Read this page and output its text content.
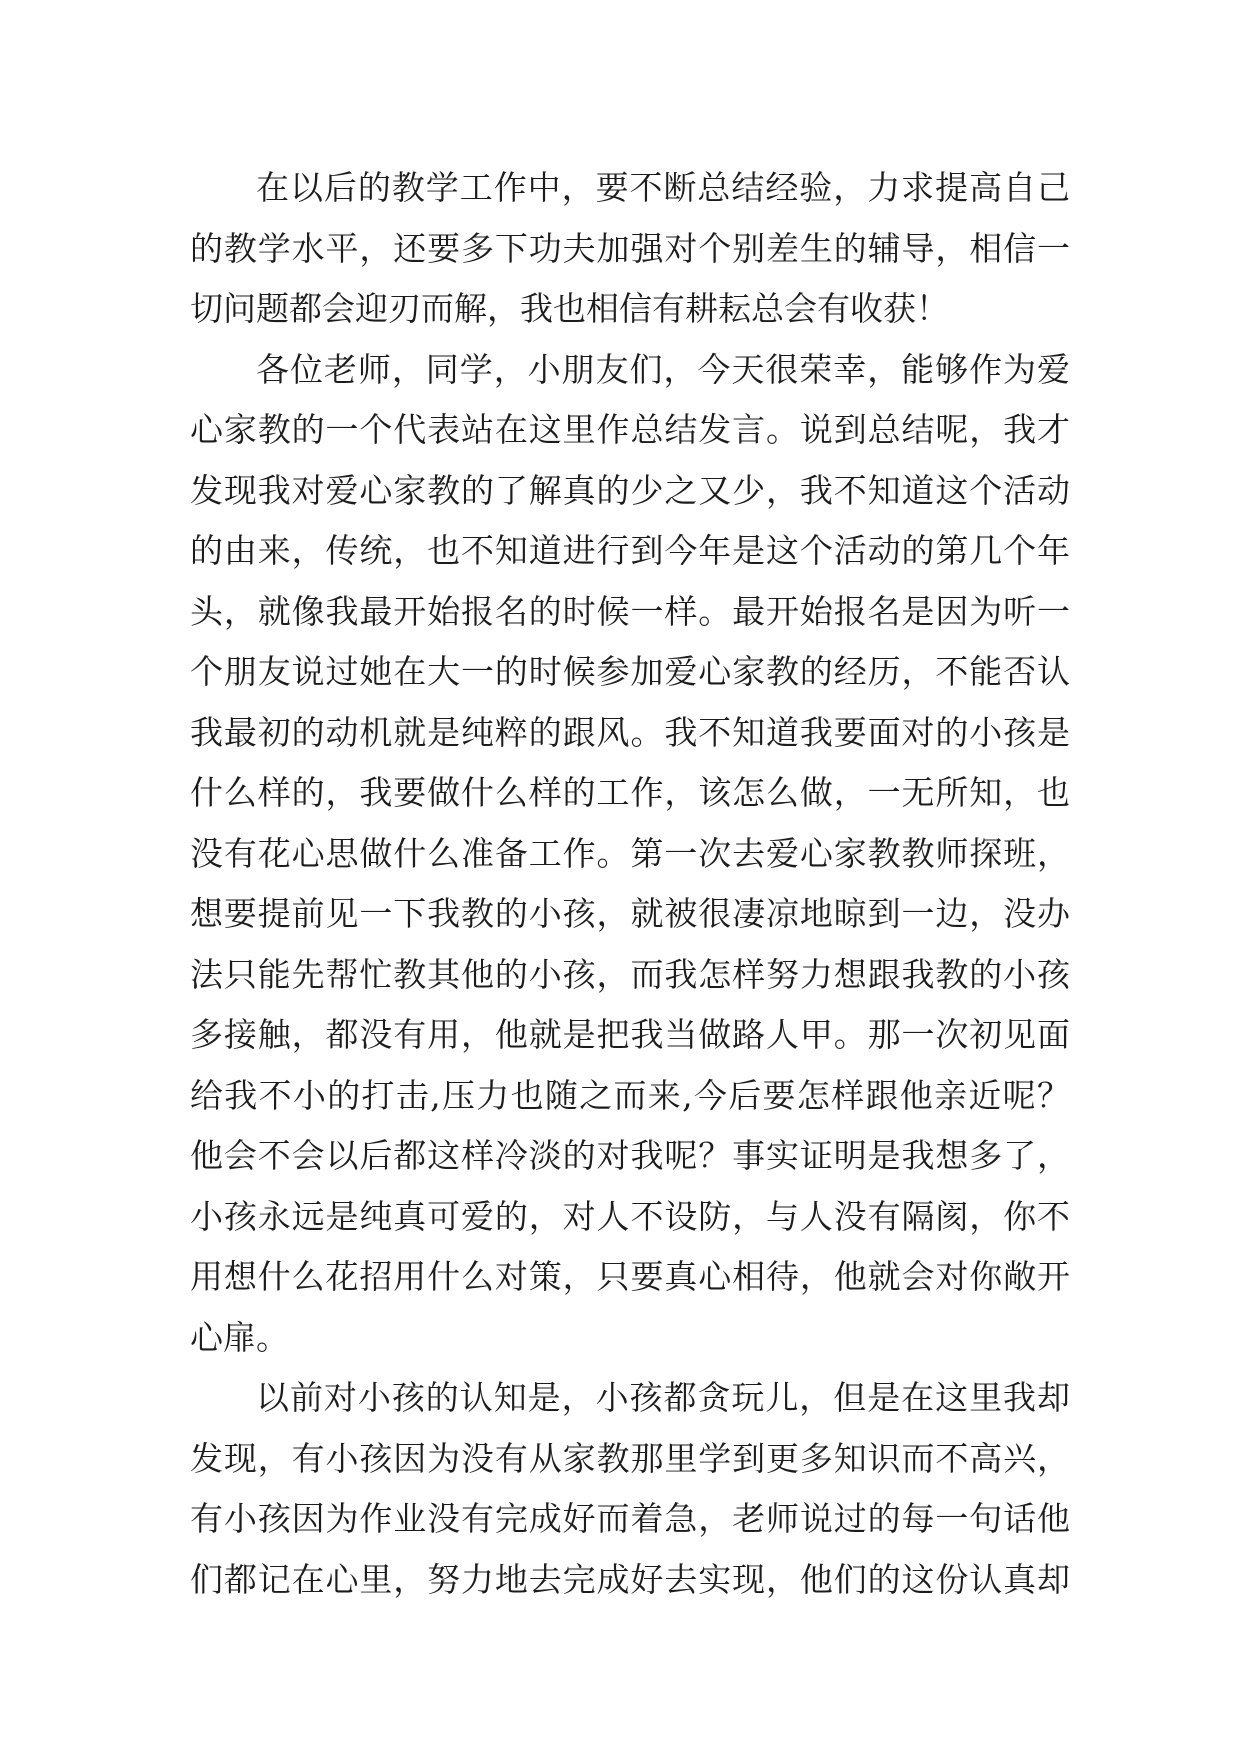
在以后的教学工作中，要不断总结经验，力求提高自己
的教学水平，还要多下功夫加强对个别差生的辅导，相信一
切问题都会迎刃而解，我也相信有耕耘总会有收获！
各位老师，同学，小朋友们，今天很荣幸，能够作为爱
心家教的一个代表站在这里作总结发言。说到总结呢，我才
发现我对爱心家教的了解真的少之又少，我不知道这个活动
的由来，传统，也不知道进行到今年是这个活动的第几个年
头，就像我最开始报名的时候一样。最开始报名是因为听一
个朋友说过她在大一的时候参加爱心家教的经历，不能否认
我最初的动机就是纯粹的跟风。我不知道我要面对的小孩是
什么样的，我要做什么样的工作，该怎么做，一无所知，也
没有花心思做什么准备工作。第一次去爱心家教教师探班，
想要提前见一下我教的小孩，就被很凄凉地晾到一边，没办
法只能先帮忙教其他的小孩，而我怎样努力想跟我教的小孩
多接触，都没有用，他就是把我当做路人甲。那一次初见面
给我不小的打击,压力也随之而来,今后要怎样跟他亲近呢？
他会不会以后都这样冷淡的对我呢？事实证明是我想多了，
小孩永远是纯真可爱的，对人不设防，与人没有隔阂，你不
用想什么花招用什么对策，只要真心相待，他就会对你敞开
心扉。
以前对小孩的认知是，小孩都贪玩儿，但是在这里我却
发现，有小孩因为没有从家教那里学到更多知识而不高兴，
有小孩因为作业没有完成好而着急，老师说过的每一句话他
们都记在心里，努力地去完成好去实现，他们的这份认真却
